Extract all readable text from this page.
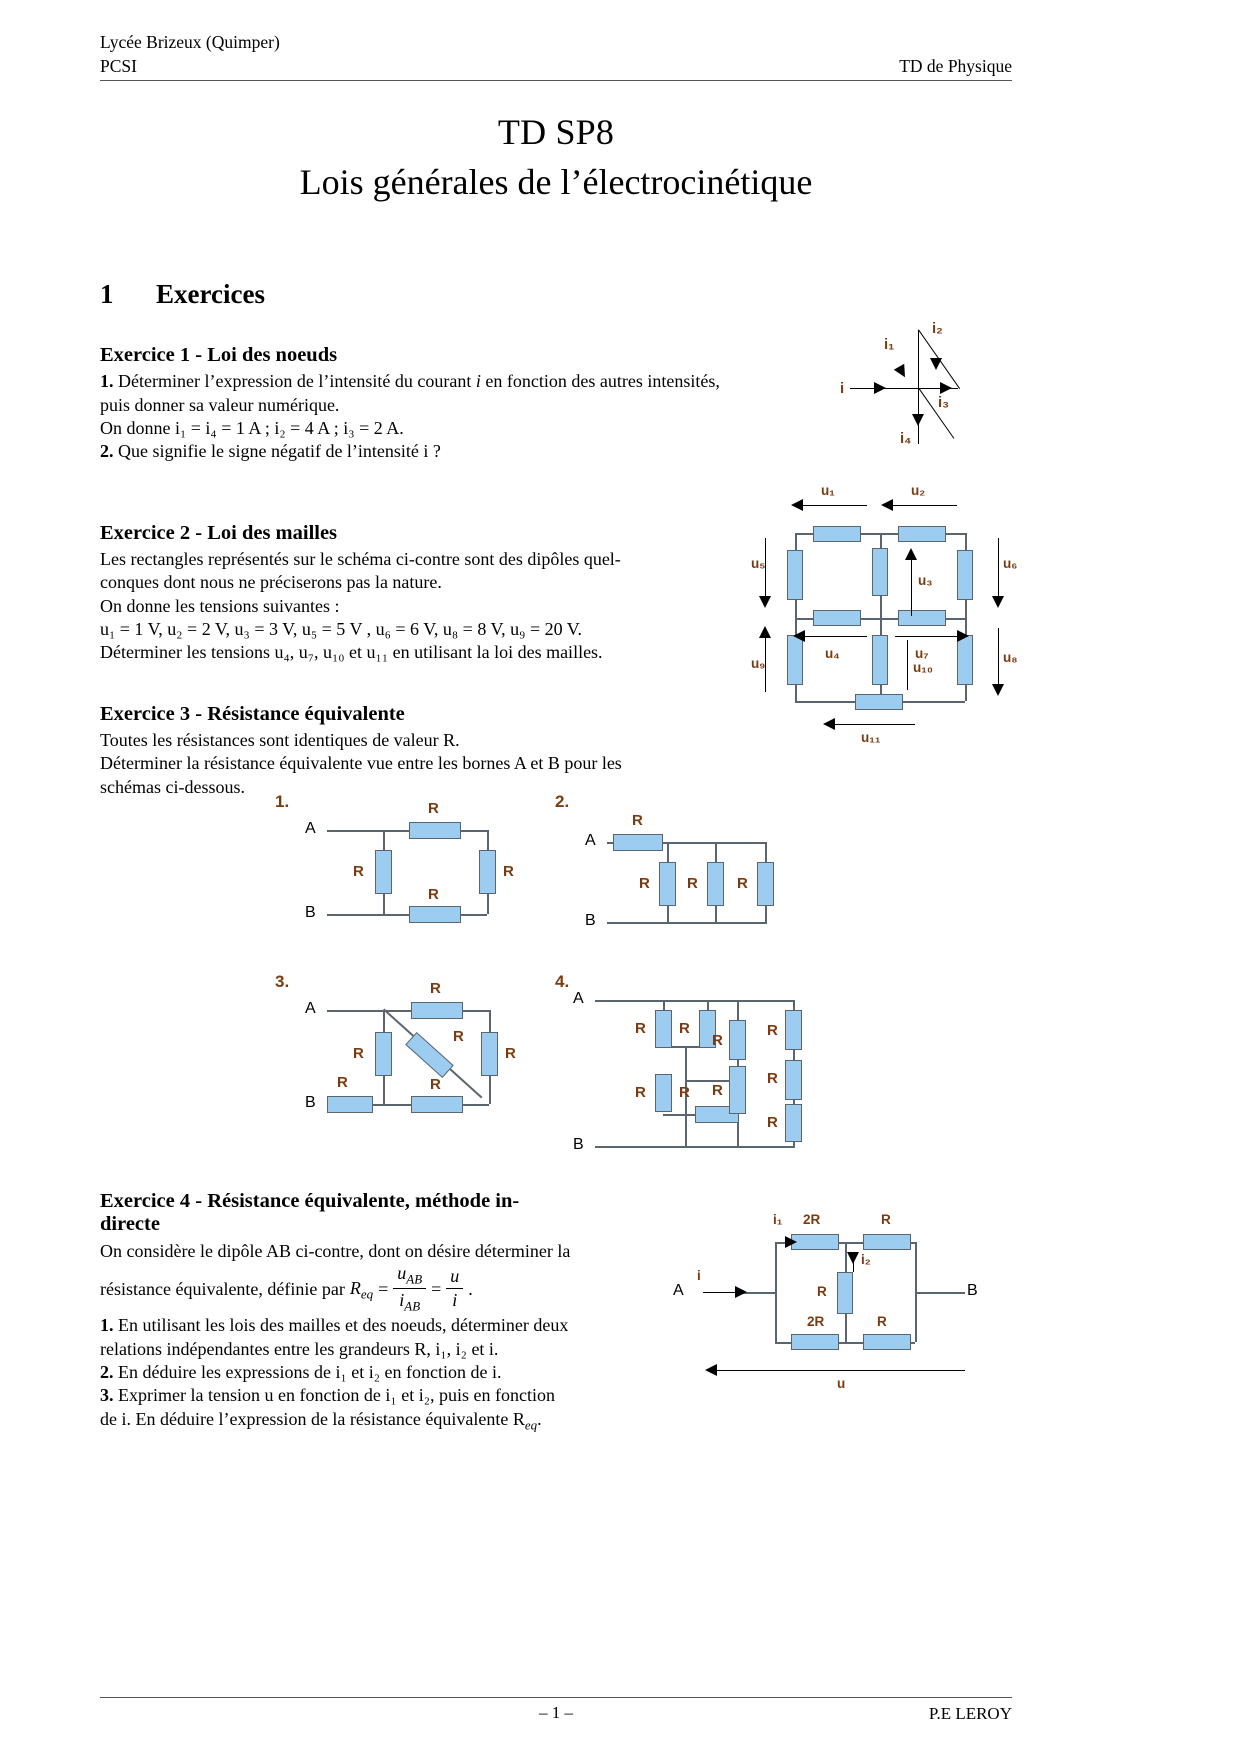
Lycée Brizeux (Quimper)
PCSI	TD de Physique
TD SP8
Lois générales de l’électrocinétique
1 Exercices
Exercice 1 - Loi des noeuds
1. Déterminer l’expression de l’intensité du courant i en fonction des autres intensités,
puis donner sa valeur numérique.
On donne i₁ = i₄ = 1 A ; i₂ = 4 A ; i₃ = 2 A.
2. Que signifie le signe négatif de l’intensité i ?
i
i₁
i₂
i₃
i₄
Exercice 2 - Loi des mailles
Les rectangles représentés sur le schéma ci-contre sont des dipôles quel-
conques dont nous ne préciserons pas la nature.
On donne les tensions suivantes :
u₁ = 1 V, u₂ = 2 V, u₃ = 3 V, u₅ = 5 V , u₆ = 6 V, u₈ = 8 V, u₉ = 20 V.
Déterminer les tensions u₄, u₇, u₁₀ et u₁₁ en utilisant la loi des mailles.
u₁	u₂
u₃
u₄
u₅	u₆
u₇	u₈
u₉	u₁₀
u₁₁
Exercice 3 - Résistance équivalente
Toutes les résistances sont identiques de valeur R.
Déterminer la résistance équivalente vue entre les bornes A et B pour les
schémas ci-dessous.
1.
A
B
R
R	R
R
2.
A
B
R
R R	R
3.
A
B
R
R	R
R
R
R
4.
A
B
R R
R
R
R R R
R
R
Exercice 4 - Résistance équivalente, méthode in-
directe
On considère le dipôle AB ci-contre, dont on désire déterminer la
résistance équivalente, définie par $R_{eq}$ =
$u_{AB}$
$i_{AB}$
= $\frac{u}{i}$ .
1. En utilisant les lois des mailles et des noeuds, déterminer deux
relations indépendantes entre les grandeurs R, i₁, i₂ et i.
2. En déduire les expressions de i₁ et i₂ en fonction de i.
3. Exprimer la tension u en fonction de i₁ et i₂, puis en fonction
de i. En déduire l’expression de la résistance équivalente $R_{eq}$.
A	B
i
i₁
i₂
2R	R
R
2R	R
u

P.E LEROY
– 1 –
